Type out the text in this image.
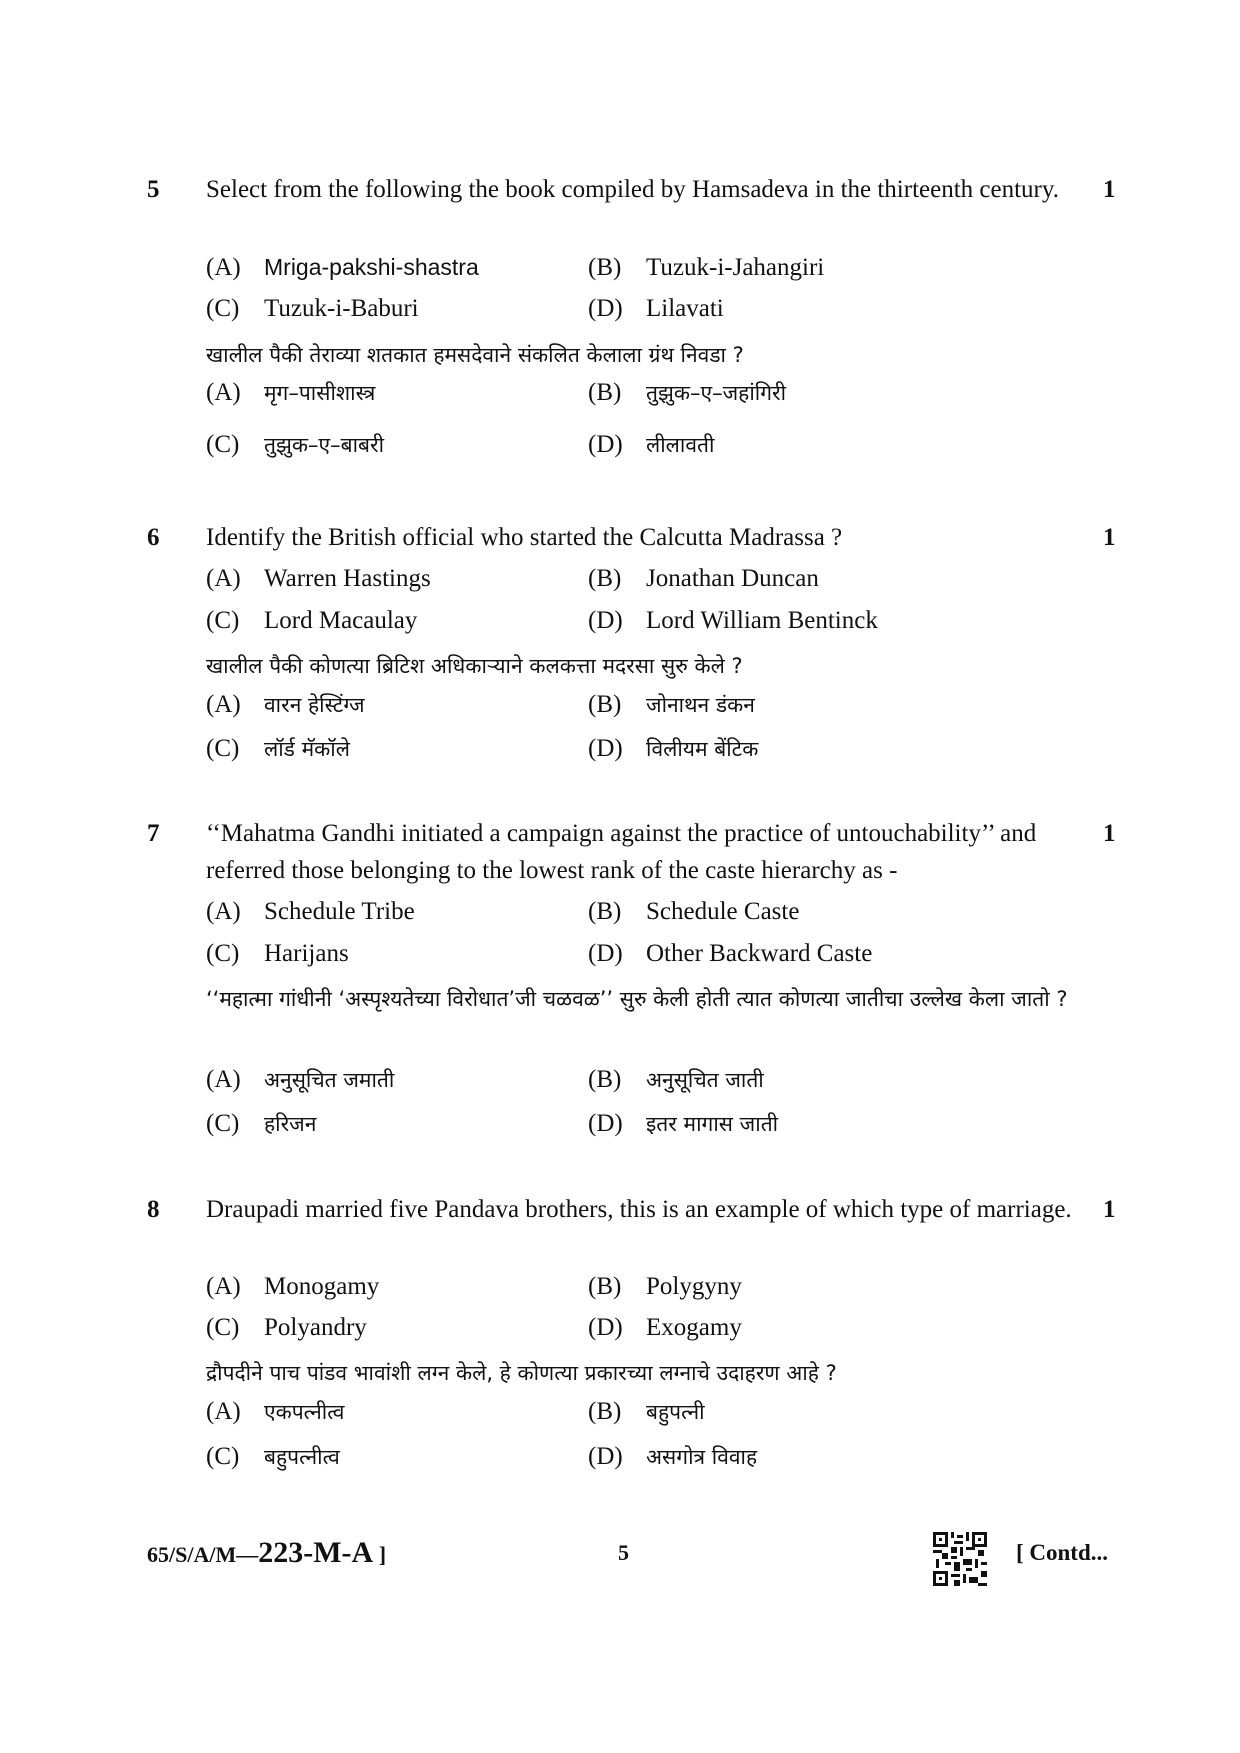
5 Select from the following the book compiled by Hamsadeva in the thirteenth century.	1
(A) Mriga-pakshi-shastra	(B) Tuzuk-i-Jahangiri
(C) Tuzuk-i-Baburi	(D) Lilavati
खालील पैकी तेराव्या शतकात हमसदेवाने संकलित केलाला ग्रंथ निवडा ?
(A) मृग–पासीशास्त्र	(B) तुझुक–ए–जहांगिरी
(C) तुझुक–ए–बाबरी	(D) लीलावती
6 Identify the British official who started the Calcutta Madrassa ?	1
(A) Warren Hastings	(B) Jonathan Duncan
(C) Lord Macaulay	(D) Lord William Bentinck
खालील पैकी कोणत्या ब्रिटिश अधिकाऱ्याने कलकत्ता मदरसा सुरु केले ?
(A) वारन हेस्टिंग्ज	(B) जोनाथन डंकन
(C) लॉर्ड मॅकॉले	(D) विलीयम बेंटिक
7 ‘‘Mahatma Gandhi initiated a campaign against the practice of untouchability’’ and referred those belonging to the lowest rank of the caste hierarchy as -
1
(A) Schedule Tribe	(B) Schedule Caste
(C) Harijans	(D) Other Backward Caste
‘‘महात्मा गांधीनी ‘अस्पृश्यतेच्या विरोधात’जी चळवळ’’ सुरु केली होती त्यात कोणत्या जातीचा उल्लेख केला जातो ?
(A) अनुसूचित जमाती	(B) अनुसूचित जाती
(C) हरिजन	(D) इतर मागास जाती
8 Draupadi married five Pandava brothers, this is an example of which type of marriage. 1
(A) Monogamy	(B) Polygyny
(C) Polyandry	(D) Exogamy
द्रौपदीने पाच पांडव भावांशी लग्न केले, हे कोणत्या प्रकारच्या लग्नाचे उदाहरण आहे ?
(A) एकपत्नीत्व	(B) बहुपत्नी
(C) बहुपत्नीत्व	(D) असगोत्र विवाह
65/S/A/M—223-M-A ]	5	[ Contd...
